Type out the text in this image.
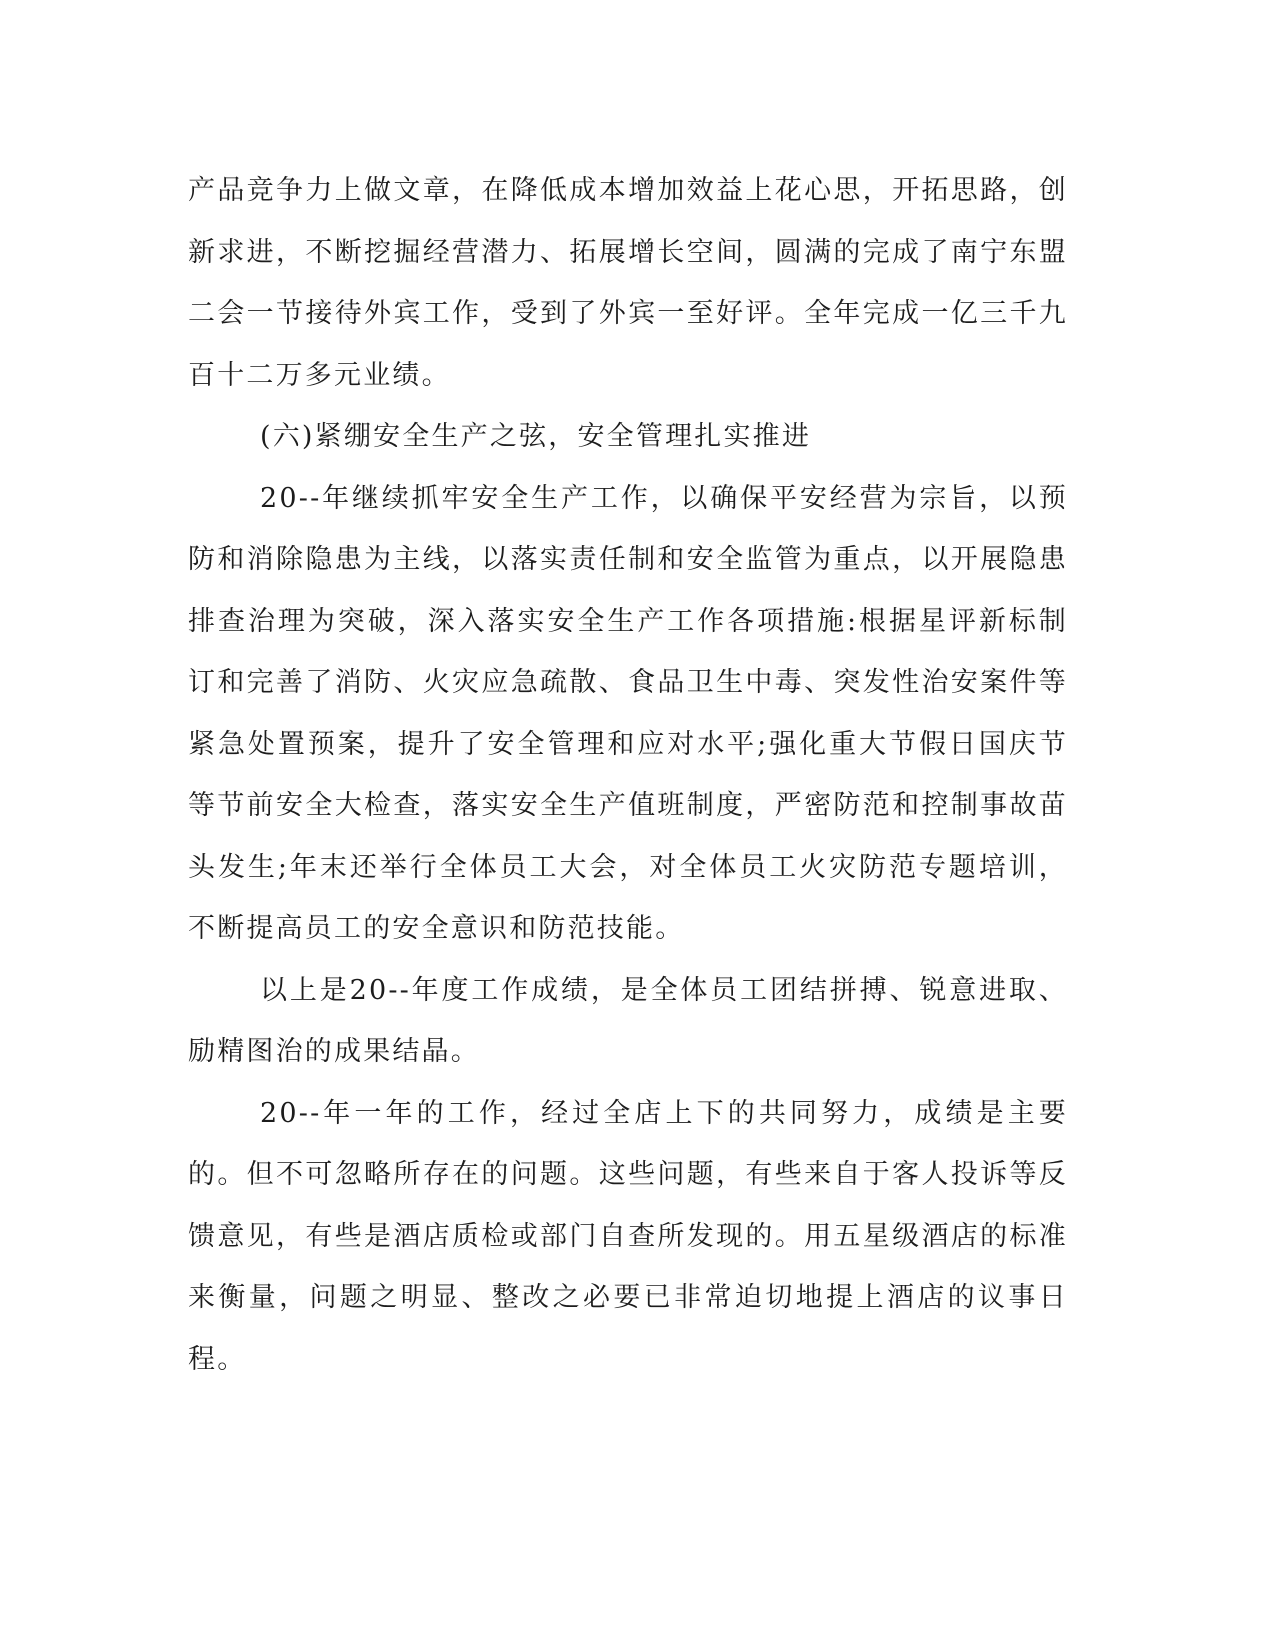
产品竞争力上做文章，在降低成本增加效益上花心思，开拓思路，创新求进，不断挖掘经营潜力、拓展增长空间，圆满的完成了南宁东盟二会一节接待外宾工作，受到了外宾一至好评。全年完成一亿三千九百十二万多元业绩。

(六)紧绷安全生产之弦，安全管理扎实推进

20--年继续抓牢安全生产工作，以确保平安经营为宗旨，以预防和消除隐患为主线，以落实责任制和安全监管为重点，以开展隐患排查治理为突破，深入落实安全生产工作各项措施:根据星评新标制订和完善了消防、火灾应急疏散、食品卫生中毒、突发性治安案件等紧急处置预案，提升了安全管理和应对水平;强化重大节假日国庆节等节前安全大检查，落实安全生产值班制度，严密防范和控制事故苗头发生;年末还举行全体员工大会，对全体员工火灾防范专题培训，不断提高员工的安全意识和防范技能。

以上是20--年度工作成绩，是全体员工团结拼搏、锐意进取、励精图治的成果结晶。

20--年一年的工作，经过全店上下的共同努力，成绩是主要的。但不可忽略所存在的问题。这些问题，有些来自于客人投诉等反馈意见，有些是酒店质检或部门自查所发现的。用五星级酒店的标准来衡量，问题之明显、整改之必要已非常迫切地提上酒店的议事日程。
